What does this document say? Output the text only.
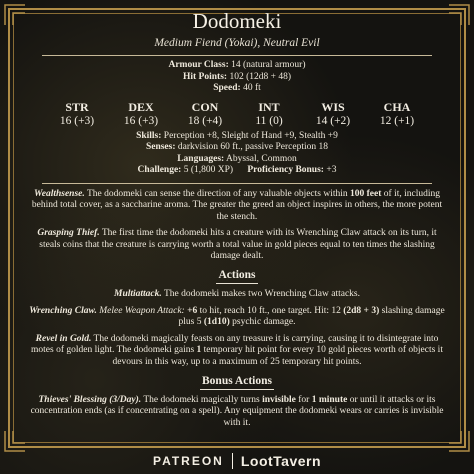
Dodomeki
Medium Fiend (Yokai), Neutral Evil
Armour Class: 14 (natural armour)
Hit Points: 102 (12d8 + 48)
Speed: 40 ft
STR
16 (+3)
DEX
16 (+3)
CON
18 (+4)
INT
11 (0)
WIS
14 (+2)
CHA
12 (+1)
Skills: Perception +8, Sleight of Hand +9, Stealth +9
Senses: darkvision 60 ft., passive Perception 18
Languages: Abyssal, Common
Challenge: 5 (1,800 XP) Proficiency Bonus: +3
Wealthsense. The dodomeki can sense the direction of any valuable objects within 100 feet of it, including behind total cover, as a saccharine aroma. The greater the greed an object inspires in others, the more potent the stench.
Grasping Thief. The first time the dodomeki hits a creature with its Wrenching Claw attack on its turn, it steals coins that the creature is carrying worth a total value in gold pieces equal to ten times the slashing damage dealt.
Actions
Multiattack. The dodomeki makes two Wrenching Claw attacks.
Wrenching Claw. Melee Weapon Attack: +6 to hit, reach 10 ft., one target. Hit: 12 (2d8 + 3) slashing damage plus 5 (1d10) psychic damage.
Revel in Gold. The dodomeki magically feasts on any treasure it is carrying, causing it to disintegrate into motes of golden light. The dodomeki gains 1 temporary hit point for every 10 gold pieces worth of objects it devours in this way, up to a maximum of 25 temporary hit points.
Bonus Actions
Thieves' Blessing (3/Day). The dodomeki magically turns invisible for 1 minute or until it attacks or its concentration ends (as if concentrating on a spell). Any equipment the dodomeki wears or carries is invisible with it.
PATREON LootTavern
